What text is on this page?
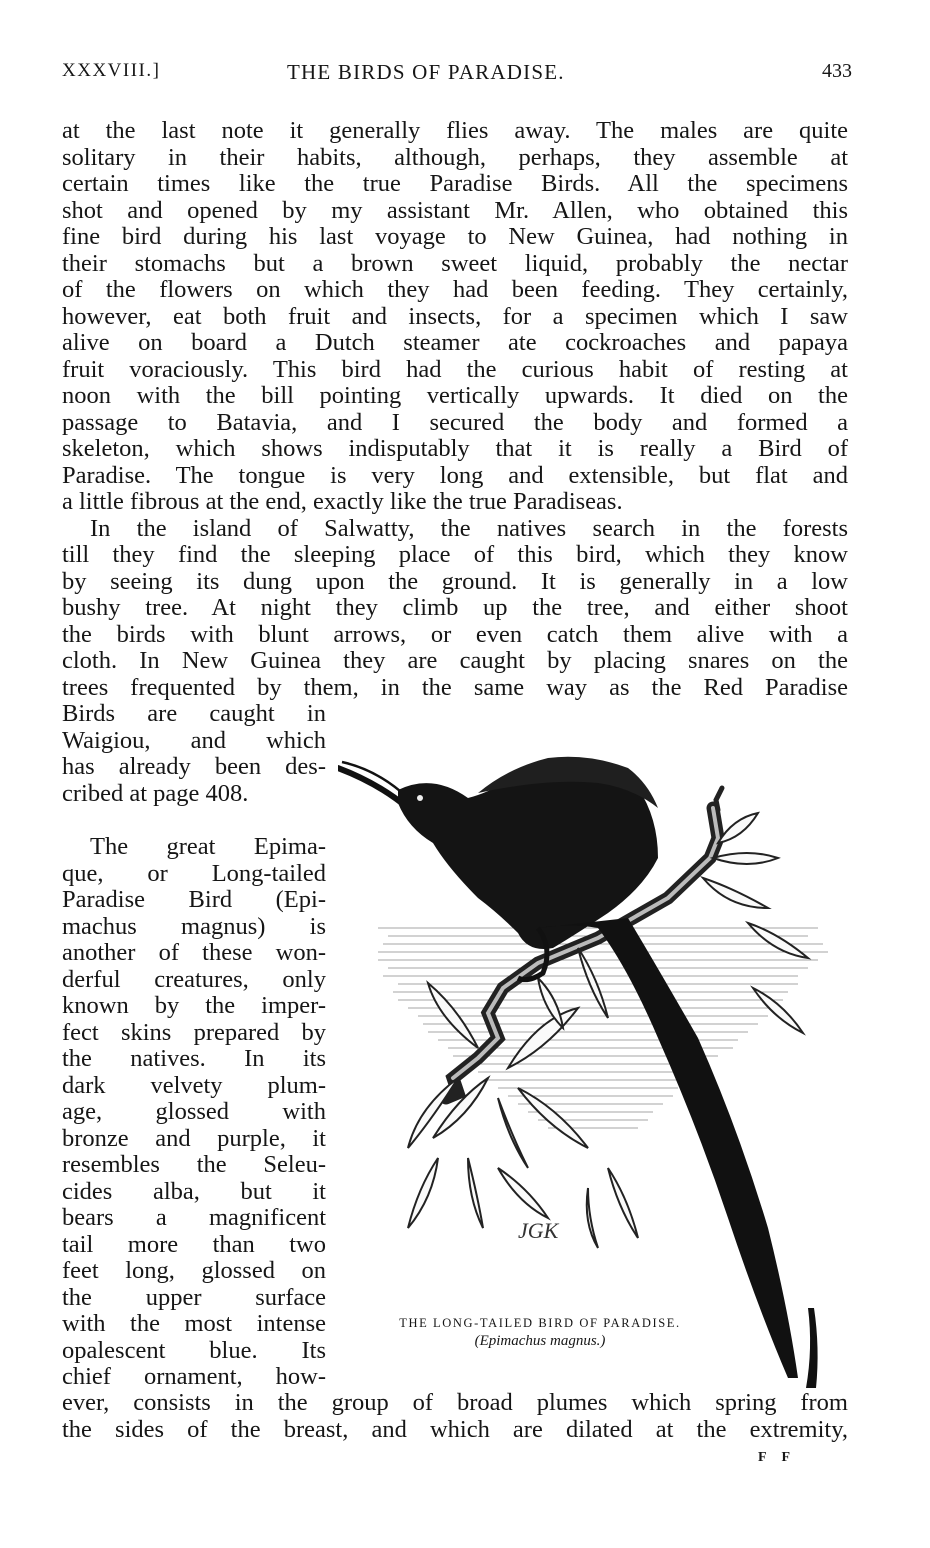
XXXVIII.]	THE BIRDS OF PARADISE.	433
at the last note it generally flies away. The males are quite
solitary in their habits, although, perhaps, they assemble at
certain times like the true Paradise Birds. All the specimens
shot and opened by my assistant Mr. Allen, who obtained this
fine bird during his last voyage to New Guinea, had nothing in
their stomachs but a brown sweet liquid, probably the nectar
of the flowers on which they had been feeding. They certainly,
however, eat both fruit and insects, for a specimen which I saw
alive on board a Dutch steamer ate cockroaches and papaya
fruit voraciously. This bird had the curious habit of resting at
noon with the bill pointing vertically upwards. It died on the
passage to Batavia, and I secured the body and formed a
skeleton, which shows indisputably that it is really a Bird of
Paradise. The tongue is very long and extensible, but flat and
a little fibrous at the end, exactly like the true Paradiseas.
In the island of Salwatty, the natives search in the forests
till they find the sleeping place of this bird, which they know
by seeing its dung upon the ground. It is generally in a low
bushy tree. At night they climb up the tree, and either shoot
the birds with blunt arrows, or even catch them alive with a
cloth. In New Guinea they are caught by placing snares on the
trees frequented by them, in the same way as the Red Paradise
Birds are caught in
Waigiou, and which
has already been des-
cribed at page 408.
The great Epima-
que, or Long-tailed
Paradise Bird (Epi-
machus magnus) is
another of these won-
derful creatures, only
known by the imper-
fect skins prepared by
the natives. In its
dark velvety plum-
age, glossed with
bronze and purple, it
resembles the Seleu-
cides alba, but it
bears a magnificent
tail more than two
feet long, glossed on
the upper surface
with the most intense
opalescent blue. Its
chief ornament, how-
ever, consists in the group of broad plumes which spring from
the sides of the breast, and which are dilated at the extremity,
JGK
THE LONG-TAILED BIRD OF PARADISE.
(Epimachus magnus.)
F F
